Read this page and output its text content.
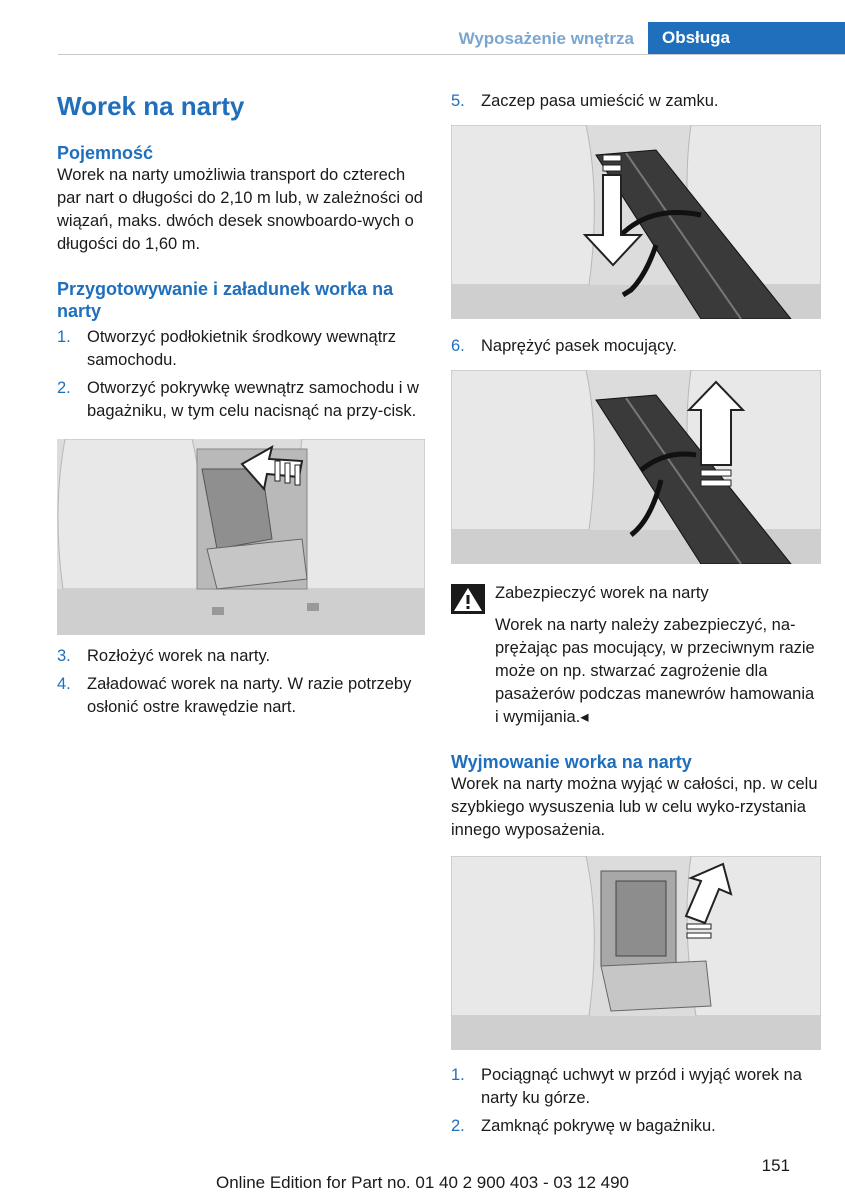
Wyposażenie wnętrza	Obsługa
Worek na narty
Pojemność

Worek na narty umożliwia transport do czterech par nart o długości do 2,10 m lub, w zależności od wiązań, maks. dwóch desek snowboardo-wych o długości do 1,60 m.

Przygotowywanie i załadunek worka na narty
1. Otworzyć podłokietnik środkowy wewnątrz samochodu.
2. Otworzyć pokrywkę wewnątrz samochodu i w bagażniku, w tym celu nacisnąć na przy-cisk.
3. Rozłożyć worek na narty.
4. Załadować worek na narty. W razie potrzeby osłonić ostre krawędzie nart.
5. Zaczep pasa umieścić w zamku.
6. Naprężyć pasek mocujący.

Zabezpieczyć worek na narty

Worek na narty należy zabezpieczyć, na-prężając pas mocujący, w przeciwnym razie może on np. stwarzać zagrożenie dla pasażerów podczas manewrów hamowania i wymijania.◂

Wyjmowanie worka na narty

Worek na narty można wyjąć w całości, np. w celu szybkiego wysuszenia lub w celu wyko-rzystania innego wyposażenia.

1. Pociągnąć uchwyt w przód i wyjąć worek na narty ku górze.
2. Zamknąć pokrywę w bagażniku.
151
Online Edition for Part no. 01 40 2 900 403 - 03 12 490
